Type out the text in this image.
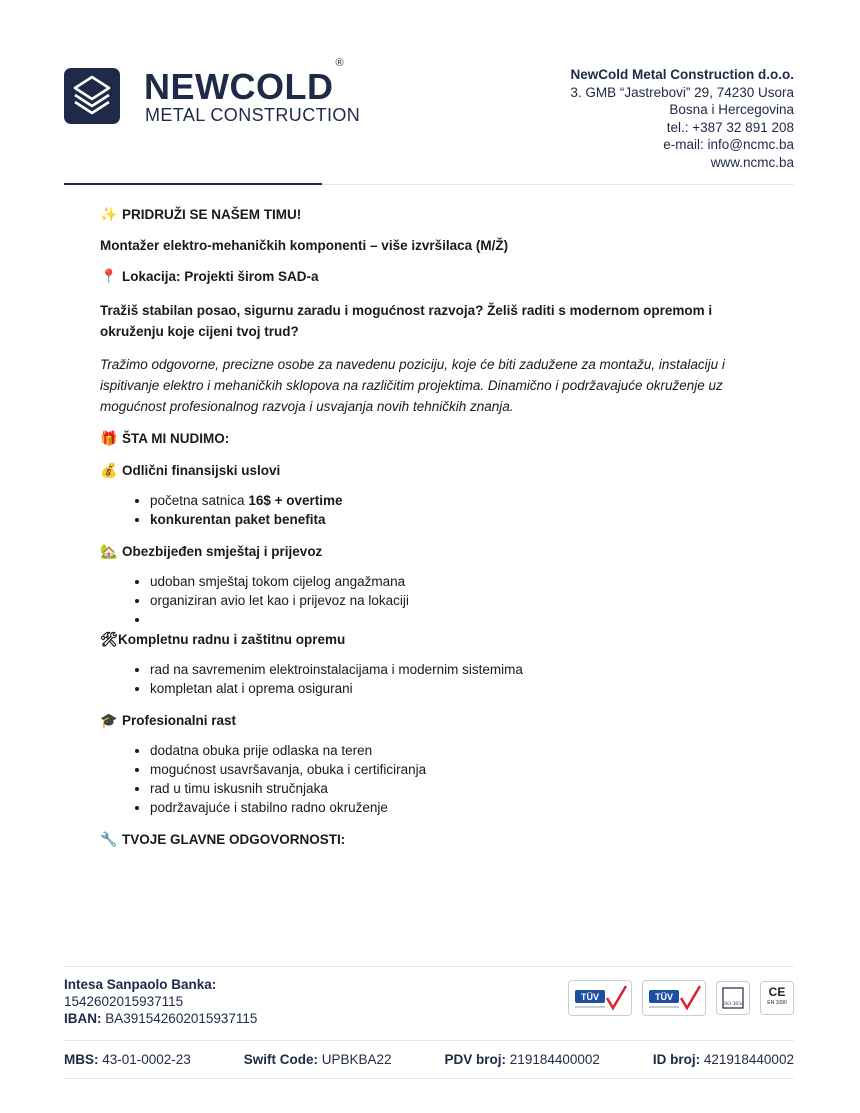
NEWCOLD®
METAL CONSTRUCTION
NewCold Metal Construction d.o.o.
3. GMB “Jastrebovi” 29, 74230 Usora
Bosna i Hercegovina
tel.: +387 32 891 208
e-mail: info@ncmc.ba
www.ncmc.ba

✨ PRIDRUŽI SE NAŠEM TIMU!

Montažer elektro-mehaničkih komponenti – više izvršilaca (M/Ž)

📍 Lokacija: Projekti širom SAD-a

Tražiš stabilan posao, sigurnu zaradu i mogućnost razvoja? Želiš raditi s modernom opremom i

okruženju koje cijeni tvoj trud?

Tražimo odgovorne, precizne osobe za navedenu poziciju, koje će biti zadužene za montažu, instalaciju i

ispitivanje elektro i mehaničkih sklopova na različitim projektima. Dinamično i podržavajuće okruženje uz

mogućnost profesionalnog razvoja i usvajanja novih tehničkih znanja.

🎁 ŠTA MI NUDIMO:

💰 Odlični finansijski uslovi

• početna satnica 16$ + overtime
• konkurentan paket benefita

🏡 Obezbijeđen smještaj i prijevoz

• udoban smještaj tokom cijelog angažmana
• organiziran avio let kao i prijevoz na lokaciji
•

🛠Kompletnu radnu i zaštitnu opremu

• rad na savremenim elektroinstalacijama i modernim sistemima
• kompletan alat i oprema osigurani

🎓 Profesionalni rast

• dodatna obuka prije odlaska na teren
• mogućnost usavršavanja, obuka i certificiranja
• rad u timu iskusnih stručnjaka
• podržavajuće i stabilno radno okruženje

🔧 TVOJE GLAVNE ODGOVORNOSTI:

Intesa Sanpaolo Banka:
1542602015937115
IBAN: BA391542602015937115
TÜV	TÜV
ISO 3834
CE
EN 1090
MBS: 43-01-0002-23	Swift Code: UPBKBA22	PDV broj: 219184400002	ID broj: 421918440002
